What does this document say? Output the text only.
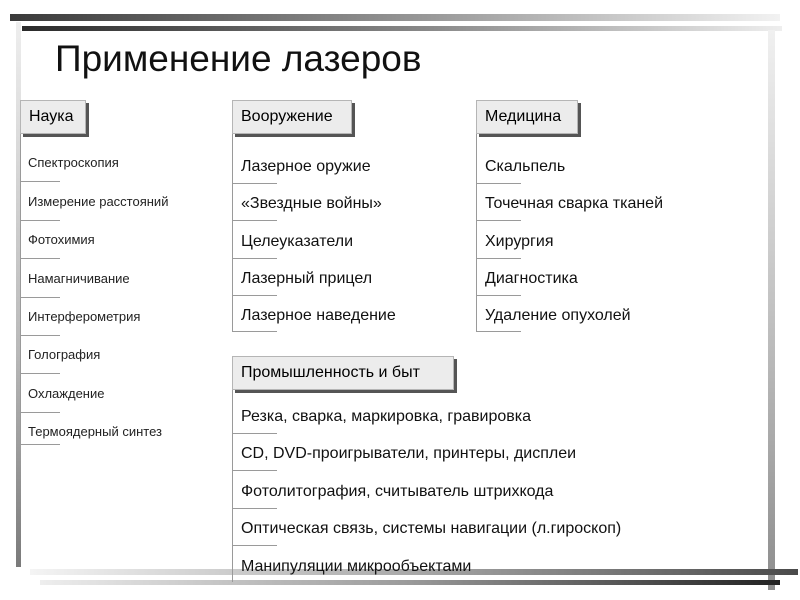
Применение лазеров
Наука
Спектроскопия
Измерение расстояний
Фотохимия
Намагничивание
Интерферометрия
Голография
Охлаждение
Термоядерный синтез
Вооружение
Лазерное оружие
«Звездные войны»
Целеуказатели
Лазерный прицел
Лазерное наведение
Медицина
Скальпель
Точечная сварка тканей
Хирургия
Диагностика
Удаление опухолей
Промышленность и быт
Резка, сварка, маркировка, гравировка
CD, DVD-проигрыватели, принтеры, дисплеи
Фотолитография, считыватель штрихкода
Оптическая связь, системы навигации (л.гироскоп)
Манипуляции микрообъектами
